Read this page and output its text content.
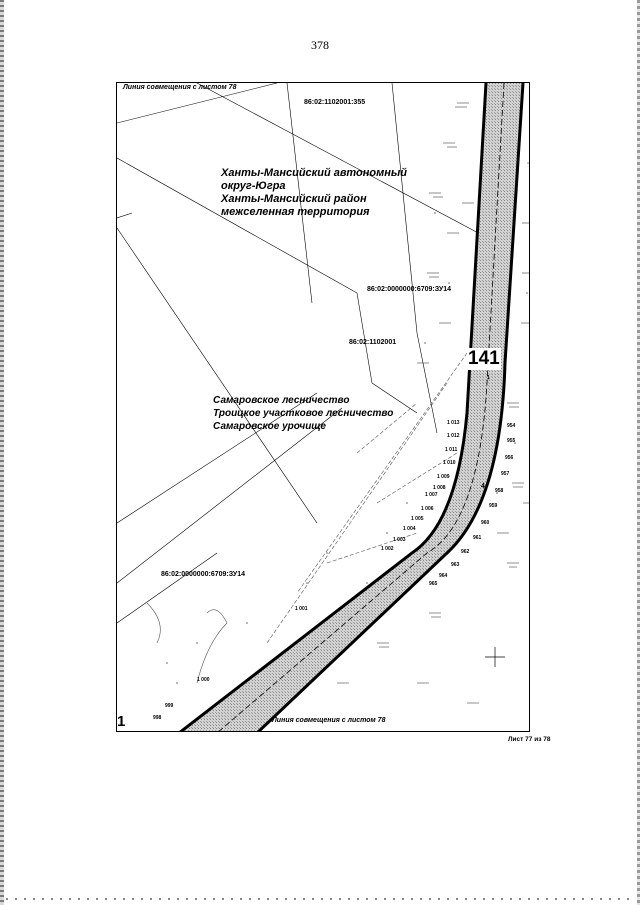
378
Линия совмещения с листом 78
Линия совмещения с листом 78
86:02:1102001:355
86:02:0000000:6709:ЗУ14
86:02:1102001
86:02:0000000:6709:ЗУ14
Ханты-Мансийский автономный
округ-Югра
Ханты-Мансийский район
межселенная территория
Самаровское лесничество
Троицкое участковое лесничество
Самаровское урочище
141
1
1
4
1 013
1 012
1 011
1 010
1 009
1 008
1 007
1 006
1 005
1 004
1 003
1 002
1 001
1 000
999
998
954
955
956
957
958
959
960
961
962
963
964
965
Лист 77 из 78
